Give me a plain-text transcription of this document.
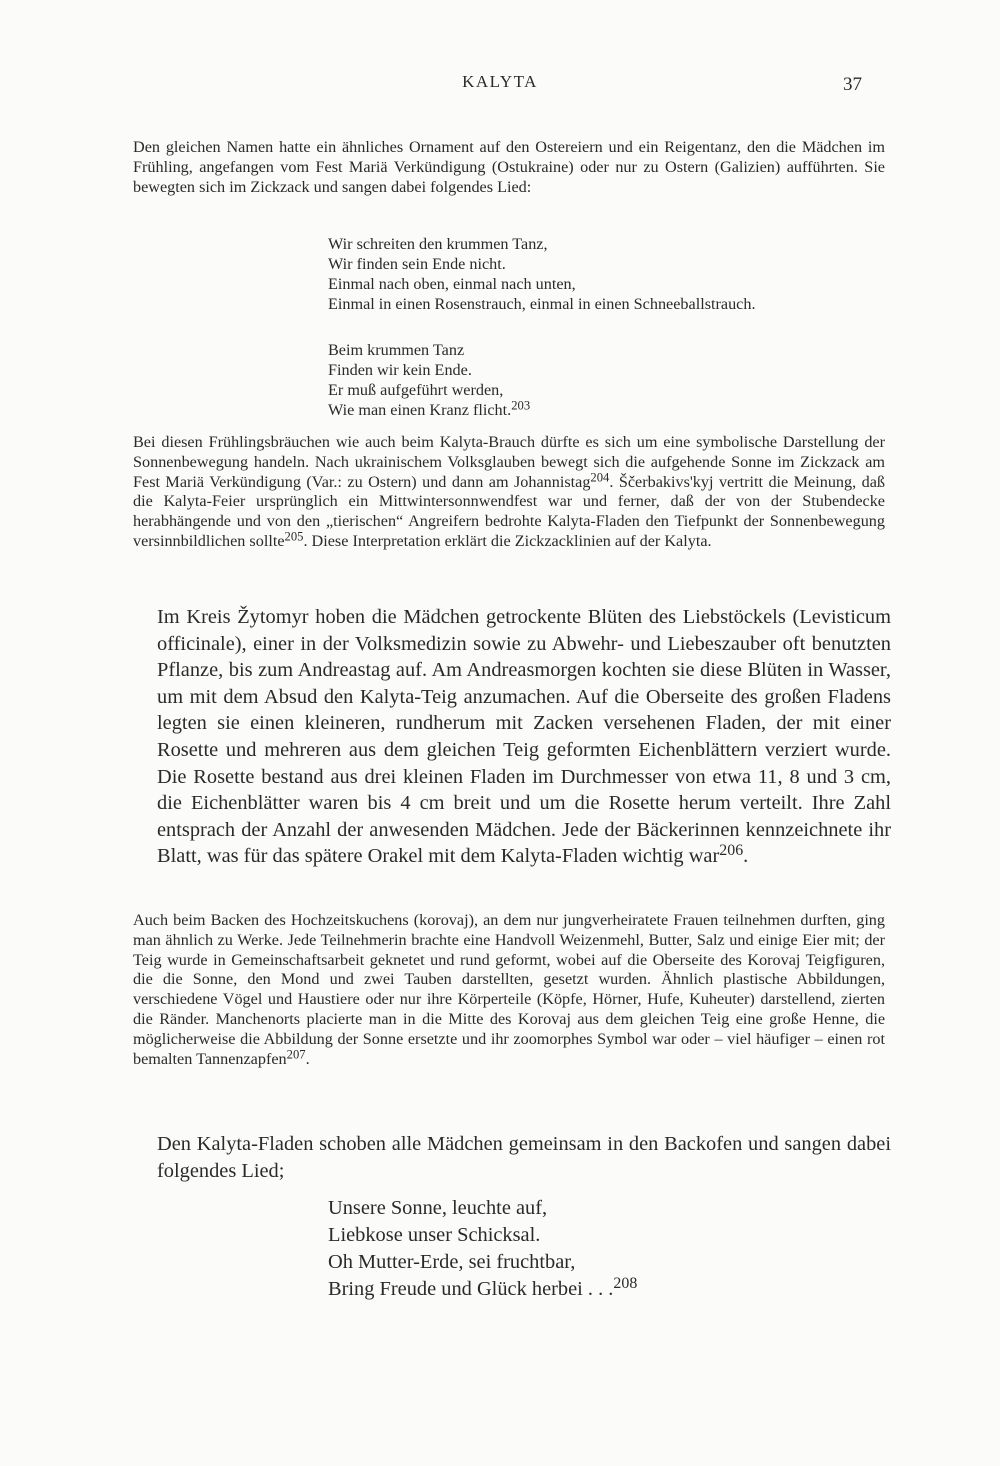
KALYTA	37

Den gleichen Namen hatte ein ähnliches Ornament auf den Ostereiern und ein Reigentanz, den die Mädchen im Frühling, angefangen vom Fest Mariä Verkündigung (Ostukraine) oder nur zu Ostern (Galizien) aufführten. Sie bewegten sich im Zickzack und sangen dabei folgendes Lied:

Wir schreiten den krummen Tanz,
Wir finden sein Ende nicht.
Einmal nach oben, einmal nach unten,
Einmal in einen Rosenstrauch, einmal in einen Schneeballstrauch.
Beim krummen Tanz
Finden wir kein Ende.
Er muß aufgeführt werden,
Wie man einen Kranz flicht.$^{203}$

Bei diesen Frühlingsbräuchen wie auch beim Kalyta-Brauch dürfte es sich um eine symbolische Darstellung der Sonnenbewegung handeln. Nach ukrainischem Volksglauben bewegt sich die aufgehende Sonne im Zickzack am Fest Mariä Verkündigung (Var.: zu Ostern) und dann am Johannistag$^{204}$. Ščerbakivs'kyj vertritt die Meinung, daß die Kalyta-Feier ursprünglich ein Mittwintersonnwendfest war und ferner, daß der von der Stubendecke herabhängende und von den „tierischen“ Angreifern bedrohte Kalyta-Fladen den Tiefpunkt der Sonnenbewegung versinnbildlichen sollte$^{205}$. Diese Interpretation erklärt die Zickzacklinien auf der Kalyta.

Im Kreis Žytomyr hoben die Mädchen getrockente Blüten des Liebstöckels (Levisticum officinale), einer in der Volksmedizin sowie zu Abwehr- und Liebeszauber oft benutzten Pflanze, bis zum Andreastag auf. Am Andreasmorgen kochten sie diese Blüten in Wasser, um mit dem Absud den Kalyta-Teig anzumachen. Auf die Oberseite des großen Fladens legten sie einen kleineren, rundherum mit Zacken versehenen Fladen, der mit einer Rosette und mehreren aus dem gleichen Teig geformten Eichenblättern verziert wurde. Die Rosette bestand aus drei kleinen Fladen im Durchmesser von etwa 11, 8 und 3 cm, die Eichenblätter waren bis 4 cm breit und um die Rosette herum verteilt. Ihre Zahl entsprach der Anzahl der anwesenden Mädchen. Jede der Bäckerinnen kennzeichnete ihr Blatt, was für das spätere Orakel mit dem Kalyta-Fladen wichtig war$^{206}$.

Auch beim Backen des Hochzeitskuchens (korovaj), an dem nur jungverheiratete Frauen teilnehmen durften, ging man ähnlich zu Werke. Jede Teilnehmerin brachte eine Handvoll Weizenmehl, Butter, Salz und einige Eier mit; der Teig wurde in Gemeinschaftsarbeit geknetet und rund geformt, wobei auf die Oberseite des Korovaj Teigfiguren, die die Sonne, den Mond und zwei Tauben darstellten, gesetzt wurden. Ähnlich plastische Abbildungen, verschiedene Vögel und Haustiere oder nur ihre Körperteile (Köpfe, Hörner, Hufe, Kuheuter) darstellend, zierten die Ränder. Manchenorts placierte man in die Mitte des Korovaj aus dem gleichen Teig eine große Henne, die möglicherweise die Abbildung der Sonne ersetzte und ihr zoomorphes Symbol war oder – viel häufiger – einen rot bemalten Tannenzapfen$^{207}$.

Den Kalyta-Fladen schoben alle Mädchen gemeinsam in den Backofen und sangen dabei folgendes Lied;

Unsere Sonne, leuchte auf,
Liebkose unser Schicksal.
Oh Mutter-Erde, sei fruchtbar,
Bring Freude und Glück herbei . . .$^{208}$
